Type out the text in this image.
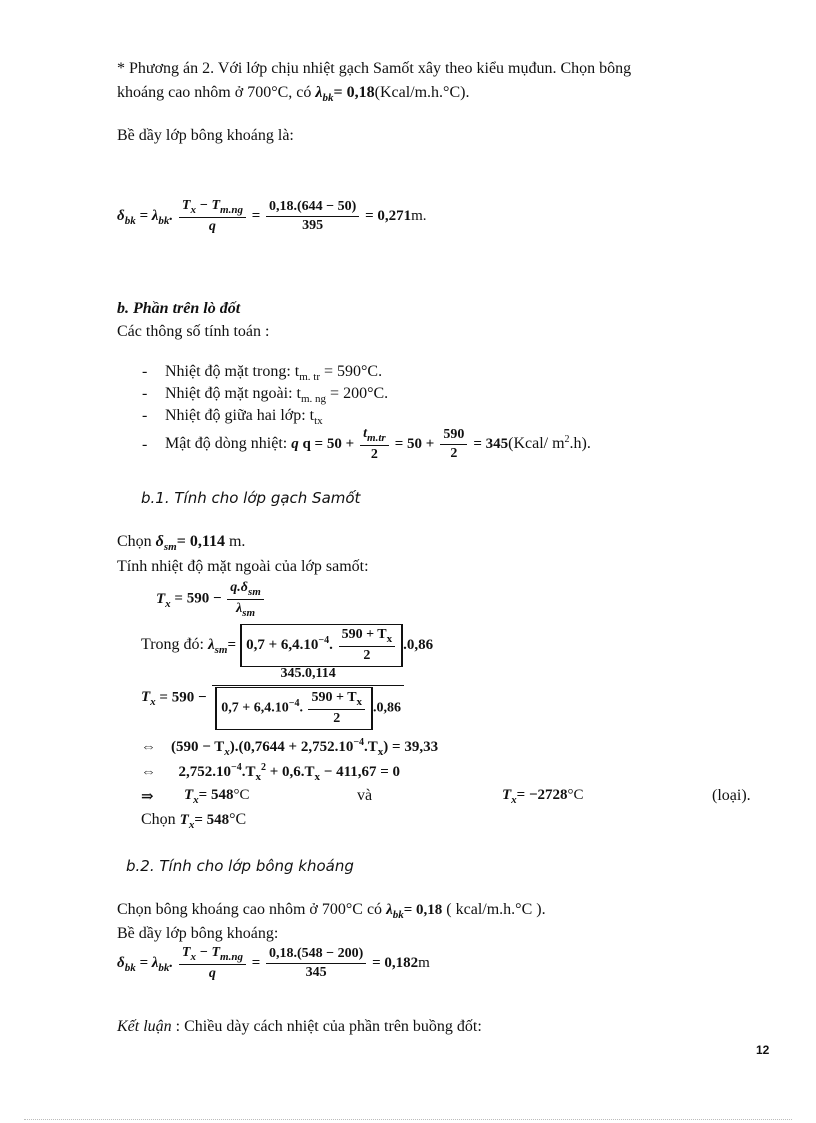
* Phương án 2. Với lớp chịu nhiệt gạch Samốt xây theo kiểu mụđun. Chọn bông
khoáng cao nhôm ở 700°C, có $\lambda_{bk}=$ 0,18(Kcal/m.h.°C).
Bề dầy lớp bông khoáng là:
$\delta_{bk} = \lambda_{bk}$. $\frac{T_x - T_{m.ng}}{q} = \frac{0,18.(644 - 50)}{395} = 0,271m$.
b. Phần trên lò đốt
Các thông số tính toán :
- Nhiệt độ mặt trong: $t_{m. tr} = 590^\circ C$.
- Nhiệt độ mặt ngoài: $t_{m. ng} = 200^\circ C$.
- Nhiệt độ giữa hai lớp: $t_{tx}$
- Mật độ dòng nhiệt: q $q = 50 + \frac{t_{m.tr}}{2} = 50 + \frac{590}{2}$ = 345(Kcal/ $m^2.h$).
b.1. Tính cho lớp gạch Samốt
Chọn $\delta_{sm}= 0,114$ m.
Tính nhiệt độ mặt ngoài của lớp samốt:
$T_x = 590 - \frac{q.\delta_{sm}}{\lambda_{sm}}$
Trong đó: $\lambda_{sm}= 0,7 + 6,4.10^{-4}$. $\frac{590 + T_x}{2} .0,86$
$T_x = 590 - \frac{345.0,114}{0,7 + 6,4.10^{-4}. \frac{590 + T_x}{2} .0,86}$
⇔ $(590 - T_x).(0,7644 + 2,752.10^{-4}.T_x) = 39,33$
⇔ $2,752.10^{-4}.T_x^2 + 0,6.T_x - 411,67 = 0$
⇒ $T_x= 548^\circ C$	và	$T_x= -2728^\circ C$	(loại).
Chọn $T_x= 548^\circ C$
b.2. Tính cho lớp bông khoáng
Chọn bông khoáng cao nhôm ở 700°C có $\lambda_{bk}= 0,18$ ( kcal/m.h.°C ).
Bề dầy lớp bông khoáng:
$\delta_{bk} = \lambda_{bk}$. $\frac{T_x - T_{m.ng}}{q} = \frac{0,18.(548 - 200)}{345} = 0,182m$
Kết luận : Chiều dày cách nhiệt của phần trên buồng đốt:
12
